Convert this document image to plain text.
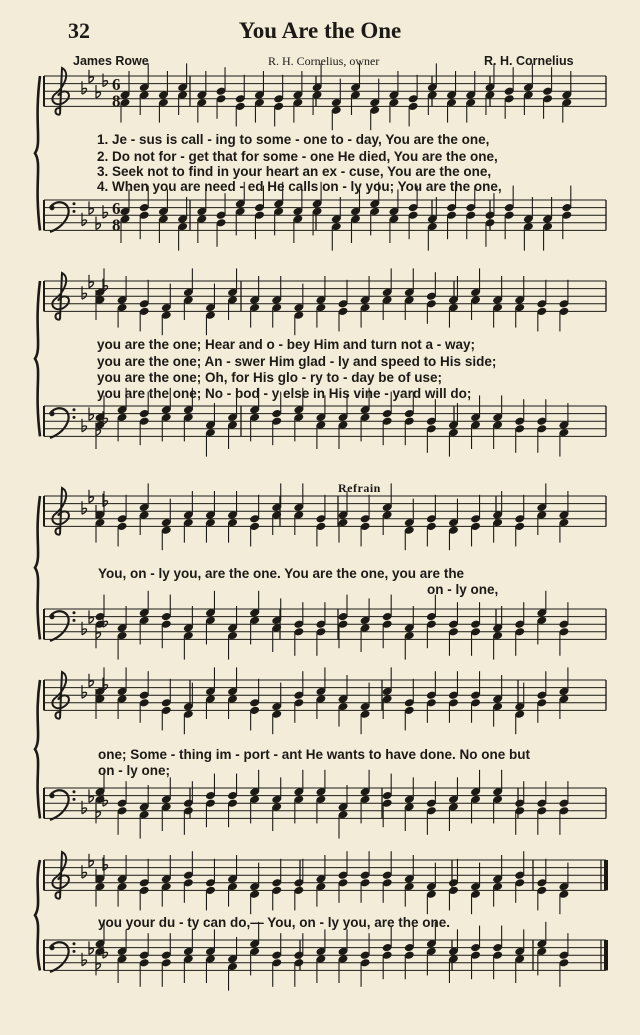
32	You Are the One
James Rowe	R. H. Cornelius, owner	R. H. Cornelius
Refrain
6
8
6
8
1. Je - sus is call - ing to some - one to - day, You are the one,
2. Do not for - get that for some - one He died, You are the one,
3. Seek not to find in your heart an ex - cuse, You are the one,
4. When you are need - ed He calls on - ly you; You are the one,
you are the one; Hear and o - bey Him and turn not a - way;
you are the one; An - swer Him glad - ly and speed to His side;
you are the one; Oh, for His glo - ry to - day be of use;
you are the one; No - bod - y else in His vine - yard will do;
You, on - ly you, are the one. You are the one, you are the
on - ly one,
one; Some - thing im - port - ant He wants to have done. No one but
on - ly one;
you your du - ty can do,— You, on - ly you, are the one.
